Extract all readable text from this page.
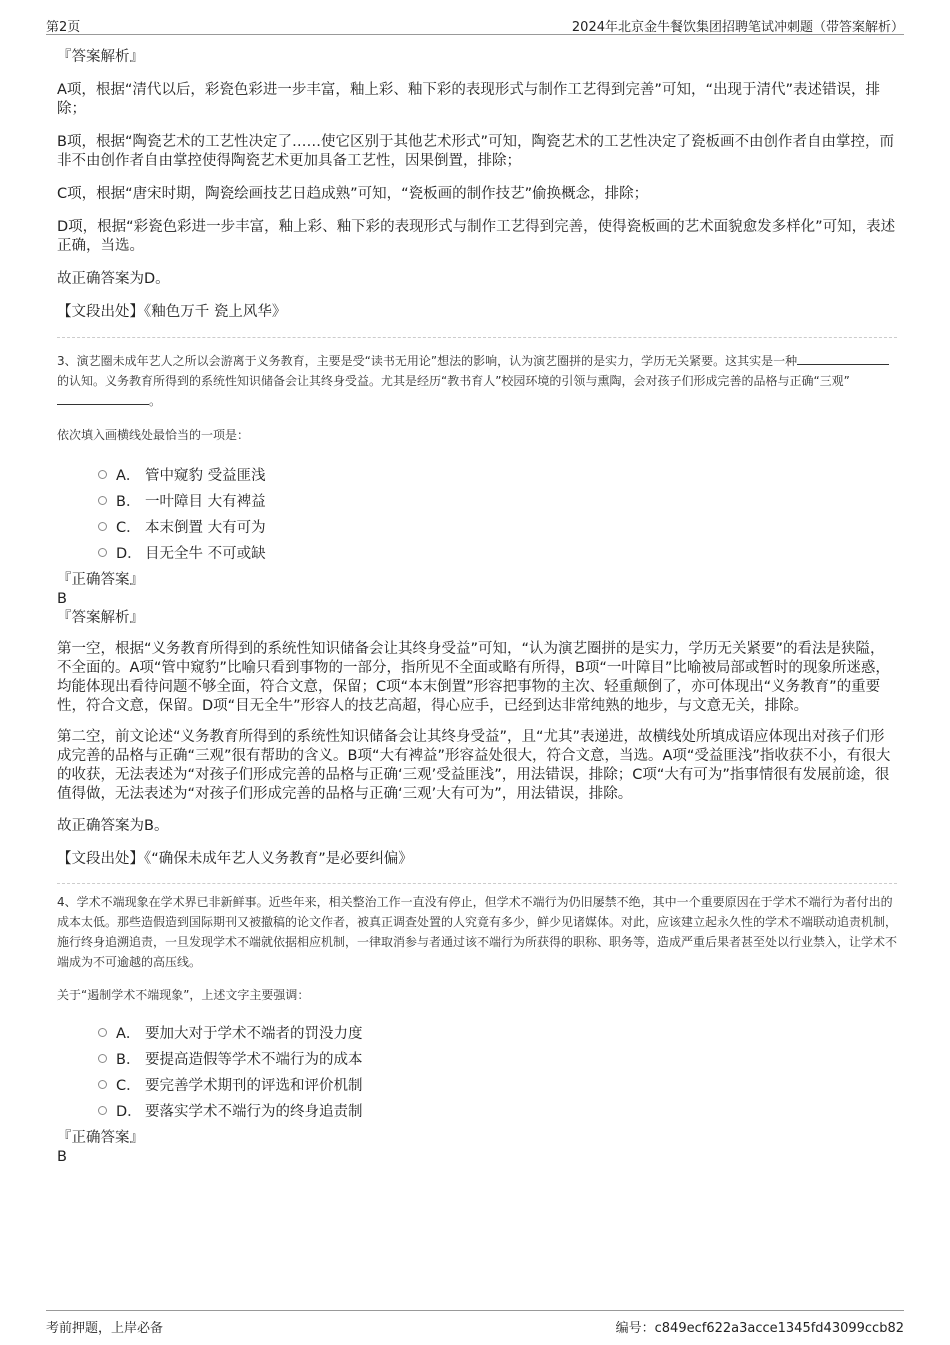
第2页	2024年北京金牛餐饮集团招聘笔试冲刺题（带答案解析）

『答案解析』

A项，根据“清代以后，彩瓷色彩进一步丰富，釉上彩、釉下彩的表现形式与制作工艺得到完善”可知，“出现于清代”表述错误，排除；

B项，根据“陶瓷艺术的工艺性决定了……使它区别于其他艺术形式”可知，陶瓷艺术的工艺性决定了瓷板画不由创作者自由掌控，而非不由创作者自由掌控使得陶瓷艺术更加具备工艺性，因果倒置，排除；

C项，根据“唐宋时期，陶瓷绘画技艺日趋成熟”可知，“瓷板画的制作技艺”偷换概念，排除；

D项，根据“彩瓷色彩进一步丰富，釉上彩、釉下彩的表现形式与制作工艺得到完善，使得瓷板画的艺术面貌愈发多样化”可知，表述正确，当选。

故正确答案为D。

【文段出处】《釉色万千 瓷上风华》

3、演艺圈未成年艺人之所以会游离于义务教育，主要是受“读书无用论”想法的影响，认为演艺圈拼的是实力，学历无关紧要。这其实是一种的认知。义务教育所得到的系统性知识储备会让其终身受益。尤其是经历“教书育人”校园环境的引领与熏陶，会对孩子们形成完善的品格与正确“三观”。

依次填入画横线处最恰当的一项是：

A． 管中窥豹 受益匪浅
B． 一叶障目 大有裨益
C． 本末倒置 大有可为
D． 目无全牛 不可或缺

『正确答案』

B

『答案解析』

第一空，根据“义务教育所得到的系统性知识储备会让其终身受益”可知，“认为演艺圈拼的是实力，学历无关紧要”的看法是狭隘，不全面的。A项“管中窥豹”比喻只看到事物的一部分，指所见不全面或略有所得，B项“一叶障目”比喻被局部或暂时的现象所迷惑，均能体现出看待问题不够全面，符合文意，保留；C项“本末倒置”形容把事物的主次、轻重颠倒了，亦可体现出“义务教育”的重要性，符合文意，保留。D项“目无全牛”形容人的技艺高超，得心应手，已经到达非常纯熟的地步，与文意无关，排除。

第二空，前文论述“义务教育所得到的系统性知识储备会让其终身受益”，且“尤其”表递进，故横线处所填成语应体现出对孩子们形成完善的品格与正确“三观”很有帮助的含义。B项“大有裨益”形容益处很大，符合文意，当选。A项“受益匪浅”指收获不小，有很大的收获，无法表述为“对孩子们形成完善的品格与正确‘三观’受益匪浅”，用法错误，排除；C项“大有可为”指事情很有发展前途，很值得做，无法表述为“对孩子们形成完善的品格与正确‘三观’大有可为”，用法错误，排除。

故正确答案为B。

【文段出处】《“确保未成年艺人义务教育”是必要纠偏》

4、学术不端现象在学术界已非新鲜事。近些年来，相关整治工作一直没有停止，但学术不端行为仍旧屡禁不绝，其中一个重要原因在于学术不端行为者付出的成本太低。那些造假造到国际期刊又被撤稿的论文作者，被真正调查处置的人究竟有多少，鲜少见诸媒体。对此，应该建立起永久性的学术不端联动追责机制，施行终身追溯追责，一旦发现学术不端就依据相应机制，一律取消参与者通过该不端行为所获得的职称、职务等，造成严重后果者甚至处以行业禁入，让学术不端成为不可逾越的高压线。

关于“遏制学术不端现象”，上述文字主要强调：

A． 要加大对于学术不端者的罚没力度
B． 要提高造假等学术不端行为的成本
C． 要完善学术期刊的评选和评价机制
D． 要落实学术不端行为的终身追责制

『正确答案』

B

考前押题，上岸必备	编号：c849ecf622a3acce1345fd43099ccb82
